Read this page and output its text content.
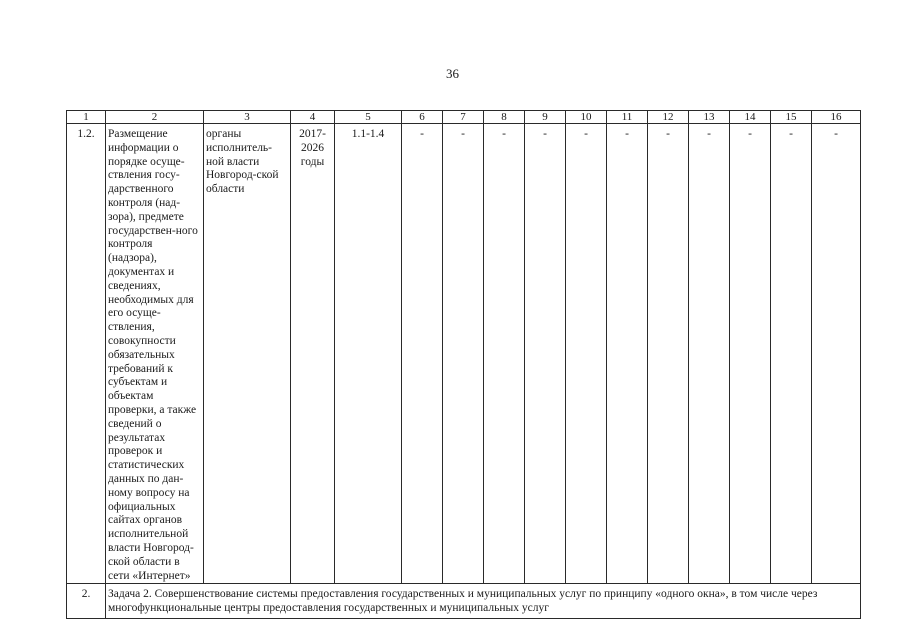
36
1	2	3	4	5	6	7	8	9	10	11	12	13	14	15	16
1.2.	Размещение информации о порядке осуще-ствления госу-дарственного контроля (над-зора), предмете государствен-ного контроля (надзора), документах и сведениях, необходимых для его осуще-ствления, совокупности обязательных требований к субъектам и объектам проверки, а также сведений о результатах проверок и статистических данных по дан-ному вопросу на официальных сайтах органов исполнительной власти Новгород-ской области в сети «Интернет»	органы исполнитель-ной власти Новгород-ской области	2017-2026 годы	1.1-1.4	-	-	-	-	-	-	-	-	-	-	-
2.	Задача 2. Совершенствование системы предоставления государственных и муниципальных услуг по принципу «одного окна», в том числе через многофункциональные центры предоставления государственных и муниципальных услуг														
